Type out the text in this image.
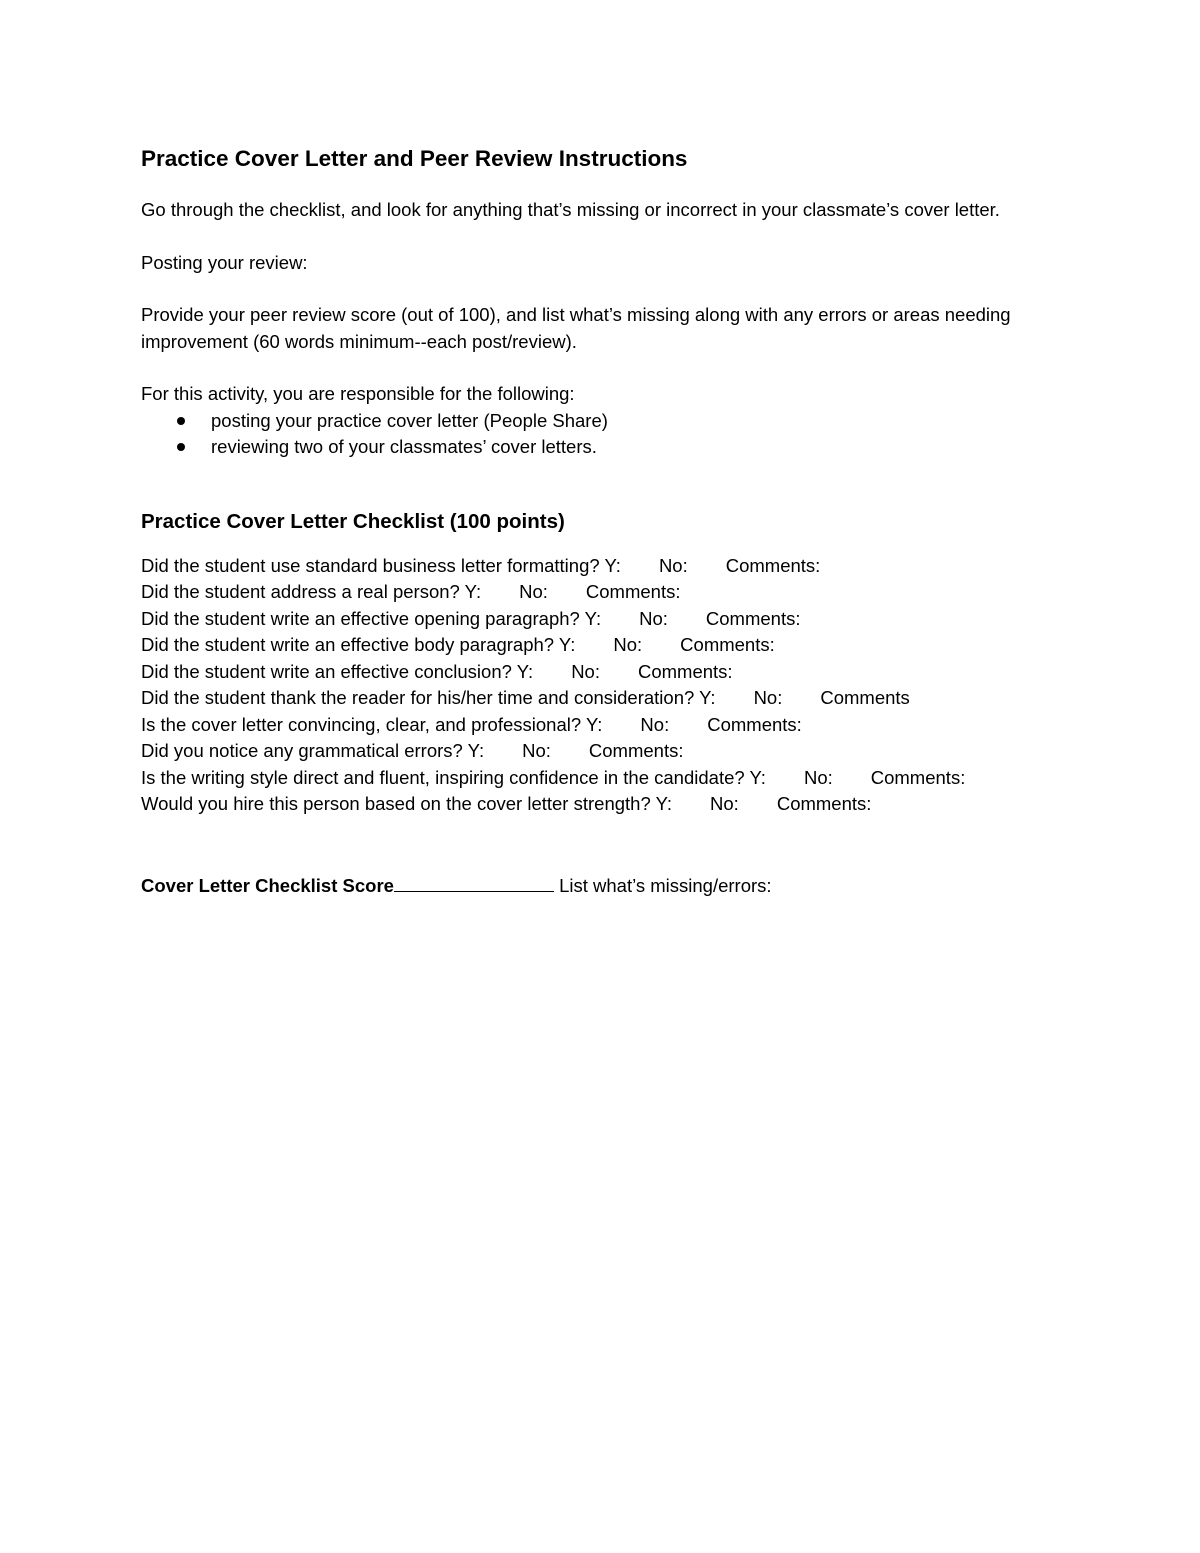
Practice Cover Letter and Peer Review Instructions
Go through the checklist, and look for anything that’s missing or incorrect in your classmate’s cover letter.
Posting your review:
Provide your peer review score (out of 100), and list what’s missing along with any errors or areas needing improvement (60 words minimum--each post/review).
For this activity, you are responsible for the following:
posting your practice cover letter (People Share)
reviewing two of your classmates’ cover letters.
Practice Cover Letter Checklist (100 points)
Did the student use standard business letter formatting? Y: No: Comments:
Did the student address a real person? Y: No: Comments:
Did the student write an effective opening paragraph? Y: No: Comments:
Did the student write an effective body paragraph? Y: No: Comments:
Did the student write an effective conclusion? Y: No: Comments:
Did the student thank the reader for his/her time and consideration? Y: No: Comments
Is the cover letter convincing, clear, and professional? Y: No: Comments:
Did you notice any grammatical errors? Y: No: Comments:
Is the writing style direct and fluent, inspiring confidence in the candidate? Y: No: Comments:
Would you hire this person based on the cover letter strength? Y: No: Comments:
Cover Letter Checklist Score	List what’s missing/errors:
